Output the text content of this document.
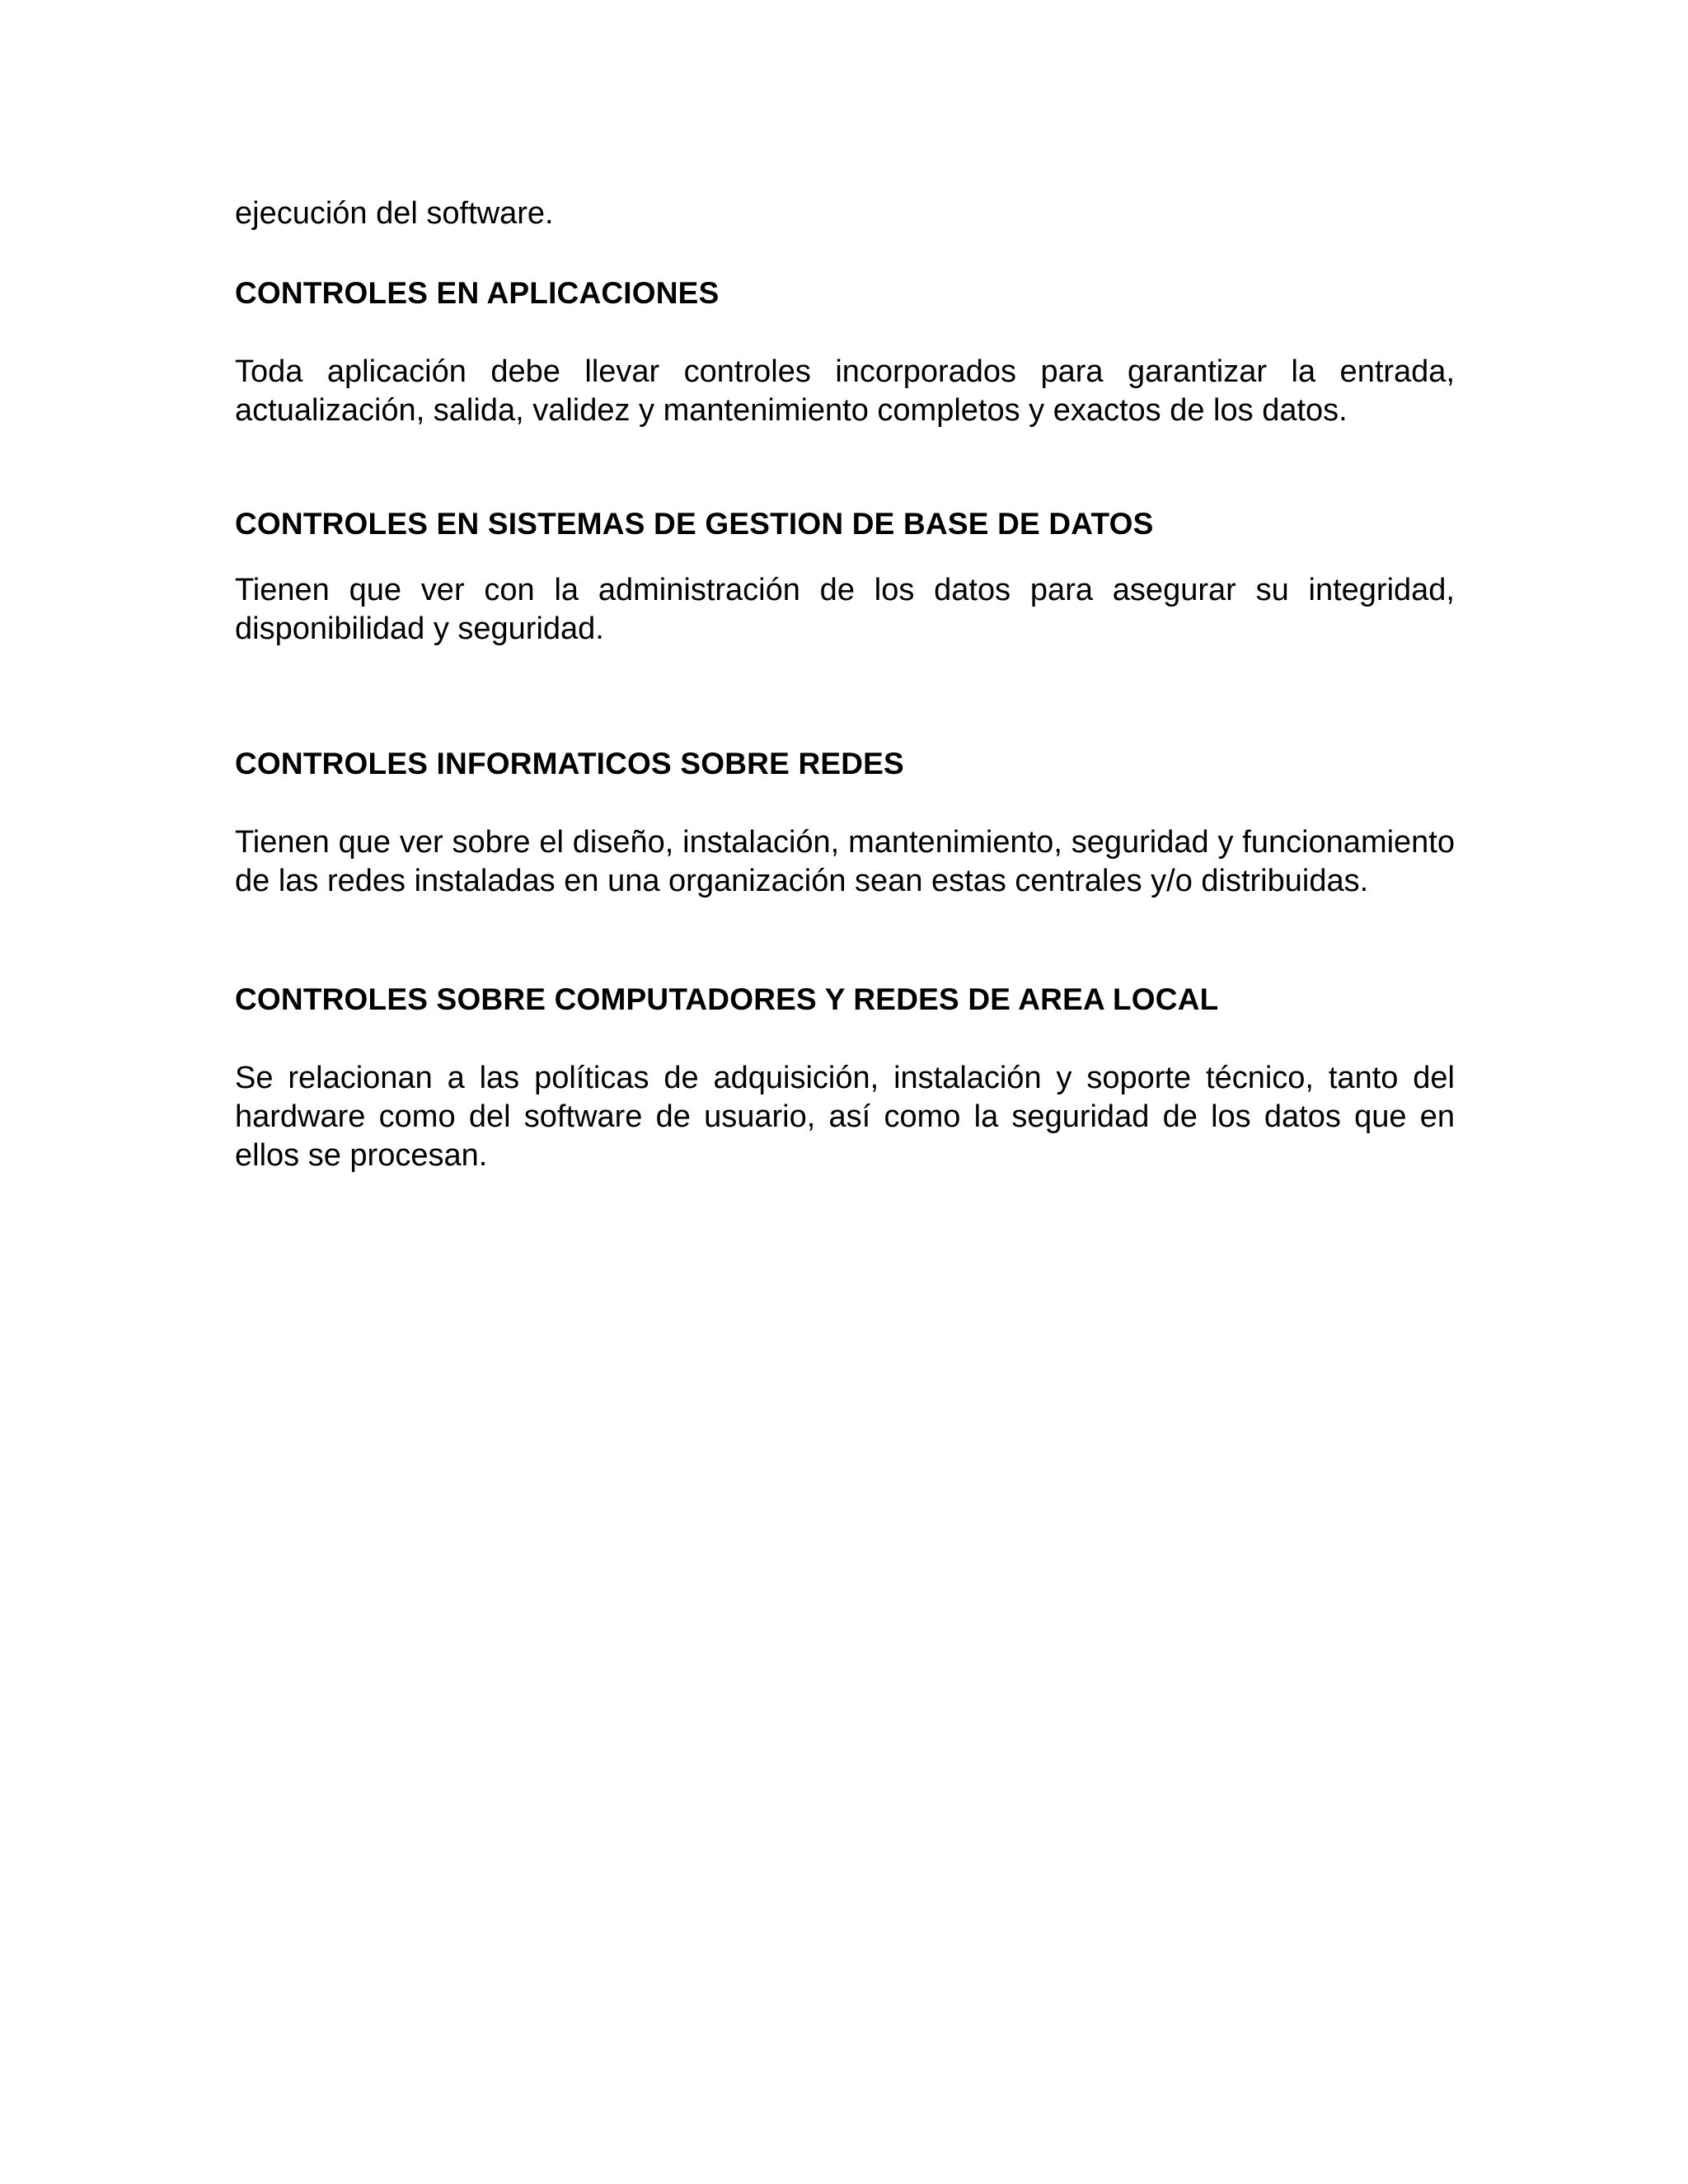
ejecución del software.
CONTROLES EN APLICACIONES
Toda aplicación debe llevar controles incorporados para garantizar la entrada, actualización, salida, validez y mantenimiento completos y exactos de los datos.
CONTROLES EN SISTEMAS DE GESTION DE BASE DE DATOS
Tienen que ver con la administración de los datos para asegurar su integridad, disponibilidad y seguridad.
CONTROLES INFORMATICOS SOBRE REDES
Tienen que ver sobre el diseño, instalación, mantenimiento, seguridad y funcionamiento de las redes instaladas en una organización sean estas centrales y/o distribuidas.
CONTROLES SOBRE COMPUTADORES Y REDES DE AREA LOCAL
Se relacionan a las políticas de adquisición, instalación y soporte técnico, tanto del hardware como del software de usuario, así como la seguridad de los datos que en ellos se procesan.
